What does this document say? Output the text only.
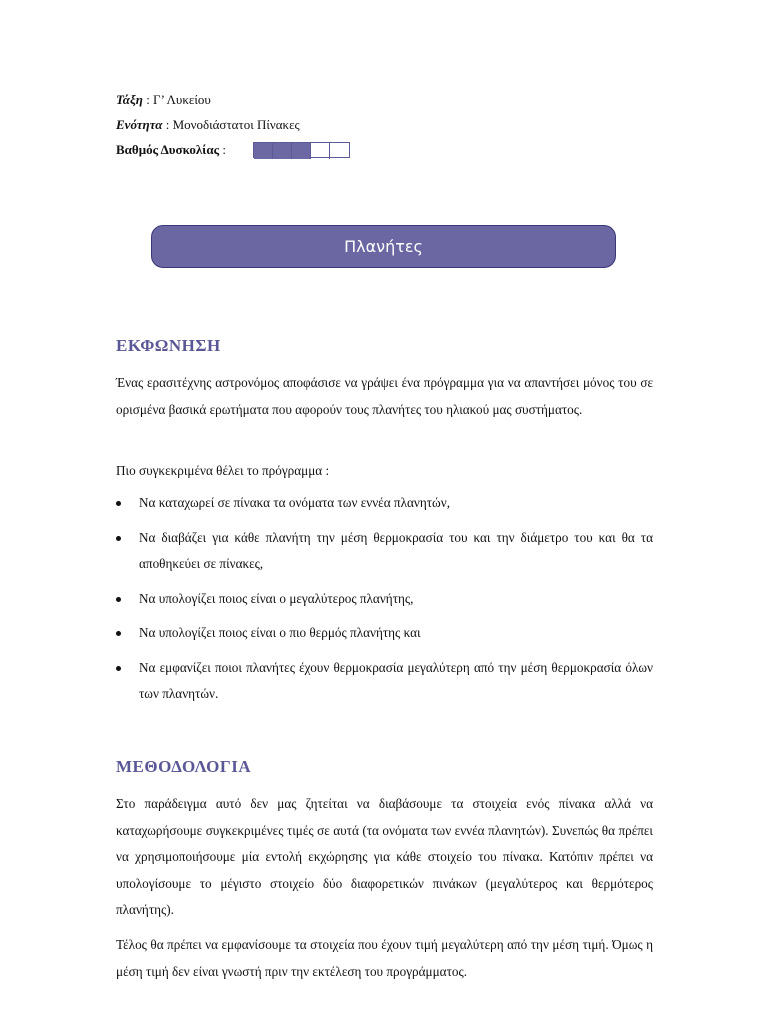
Τάξη : Γ’ Λυκείου
Ενότητα : Μονοδιάστατοι Πίνακες
Βαθμός Δυσκολίας :
Πλανήτες
ΕΚΦΩΝΗΣΗ
Ένας ερασιτέχνης αστρονόμος αποφάσισε να γράψει ένα πρόγραμμα για να απαντήσει μόνος του σε ορισμένα βασικά ερωτήματα που αφορούν τους πλανήτες του ηλιακού μας συστήματος.
Πιο συγκεκριμένα θέλει το πρόγραμμα :
Να καταχωρεί σε πίνακα τα ονόματα των εννέα πλανητών,
Να διαβάζει για κάθε πλανήτη την μέση θερμοκρασία του και την διάμετρο του και θα τα αποθηκεύει σε πίνακες,
Να υπολογίζει ποιος είναι ο μεγαλύτερος πλανήτης,
Να υπολογίζει ποιος είναι ο πιο θερμός πλανήτης και
Να εμφανίζει ποιοι πλανήτες έχουν θερμοκρασία μεγαλύτερη από την μέση θερμοκρασία όλων των πλανητών.
ΜΕΘΟΔΟΛΟΓΙΑ
Στο παράδειγμα αυτό δεν μας ζητείται να διαβάσουμε τα στοιχεία ενός πίνακα αλλά να καταχωρήσουμε συγκεκριμένες τιμές σε αυτά (τα ονόματα των εννέα πλανητών). Συνεπώς θα πρέπει να χρησιμοποιήσουμε μία εντολή εκχώρησης για κάθε στοιχείο του πίνακα. Κατόπιν πρέπει να υπολογίσουμε το μέγιστο στοιχείο δύο διαφορετικών πινάκων (μεγαλύτερος και θερμότερος πλανήτης).
Τέλος θα πρέπει να εμφανίσουμε τα στοιχεία που έχουν τιμή μεγαλύτερη από την μέση τιμή. Όμως η μέση τιμή δεν είναι γνωστή πριν την εκτέλεση του προγράμματος.
